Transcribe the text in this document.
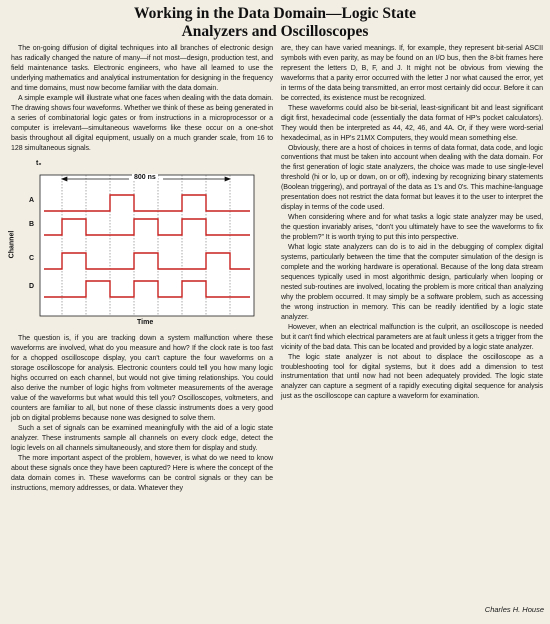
Working in the Data Domain—Logic State
Analyzers and Oscilloscopes

The on-going diffusion of digital techniques into all branches of electronic design has radically changed the nature of many—if not most—design, production test, and field maintenance tasks. Electronic engineers, who have all learned to use the underlying mathematics and analytical instrumentation for designing in the frequency and time domains, must now become familiar with the data domain.

A simple example will illustrate what one faces when dealing with the data domain. The drawing shows four waveforms. Whether we think of these as being generated in a series of combinatorial logic gates or from instructions in a microprocessor or a computer is irrelevant—simultaneous waveforms like these occur on a one-shot basis throughout all digital equipment, usually on a much grander scale, from 16 to 128 simultaneous signals.

t₀
800 ns
A
B
C
D
Channel
Time

The question is, if you are tracking down a system malfunction where these waveforms are involved, what do you measure and how? If the clock rate is too fast for a chopped oscilloscope display, you can't capture the four waveforms on a storage oscilloscope for analysis. Electronic counters could tell you how many logic highs occurred on each channel, but would not give timing relationships. You could also derive the number of logic highs from voltmeter measurements of the average value of the waveforms but what would this tell you? Oscilloscopes, voltmeters, and counters are familiar to all, but none of these classic instruments does a very good job on digital problems because none was designed to solve them.

Such a set of signals can be examined meaningfully with the aid of a logic state analyzer. These instruments sample all channels on every clock edge, detect the logic levels on all channels simultaneously, and store them for display and study.

The more important aspect of the problem, however, is what do we need to know about these signals once they have been captured? Here is where the concept of the data domain comes in. These waveforms can be control signals or they can be instructions, memory addresses, or data. Whatever they

are, they can have varied meanings. If, for example, they represent bit-serial ASCII symbols with even parity, as may be found on an I/O bus, then the 8-bit frames here represent the letters D, B, F, and J. It might not be obvious from viewing the waveforms that a parity error occurred with the letter J nor what caused the error, yet in terms of the data being transmitted, an error most certainly did occur. Before it can be corrected, its existence must be recognized.

These waveforms could also be bit-serial, least-significant bit and least significant digit first, hexadecimal code (essentially the data format of HP's pocket calculators). They would then be interpreted as 44, 42, 46, and 4A. Or, if they were word-serial hexadecimal, as in HP's 21MX Computers, they would mean something else.

Obviously, there are a host of choices in terms of data format, data code, and logic conventions that must be taken into account when dealing with the data domain. For the first generation of logic state analyzers, the choice was made to use single-level threshold (hi or lo, up or down, on or off), indexing by recognizing binary statements (Boolean triggering), and portrayal of the data as 1's and 0's. This machine-language presentation does not restrict the data format but leaves it to the user to interpret the display in terms of the code used.

When considering where and for what tasks a logic state analyzer may be used, the question invariably arises, “don't you ultimately have to see the waveforms to fix the problem?” It is worth trying to put this into perspective.

What logic state analyzers can do is to aid in the debugging of complex digital systems, particularly between the time that the computer simulation of the design is complete and the working hardware is operational. Because of the long data stream sequences typically used in most algorithmic design, particularly when looping or nested sub-routines are involved, locating the problem is more critical than analyzing why the problem occurred. It may simply be a software problem, such as accessing the wrong instruction in memory. This can be readily identified by a logic state analyzer.

However, when an electrical malfunction is the culprit, an oscilloscope is needed but it can't find which electrical parameters are at fault unless it gets a trigger from the vicinity of the bad data. This can be located and provided by a logic state analyzer.

The logic state analyzer is not about to displace the oscilloscope as a troubleshooting tool for digital systems, but it does add a dimension to test instrumentation that until now had not been adequately provided. The logic state analyzer can capture a segment of a rapidly executing digital sequence for analysis just as the oscilloscope can capture a waveform for examination.

Charles H. House
